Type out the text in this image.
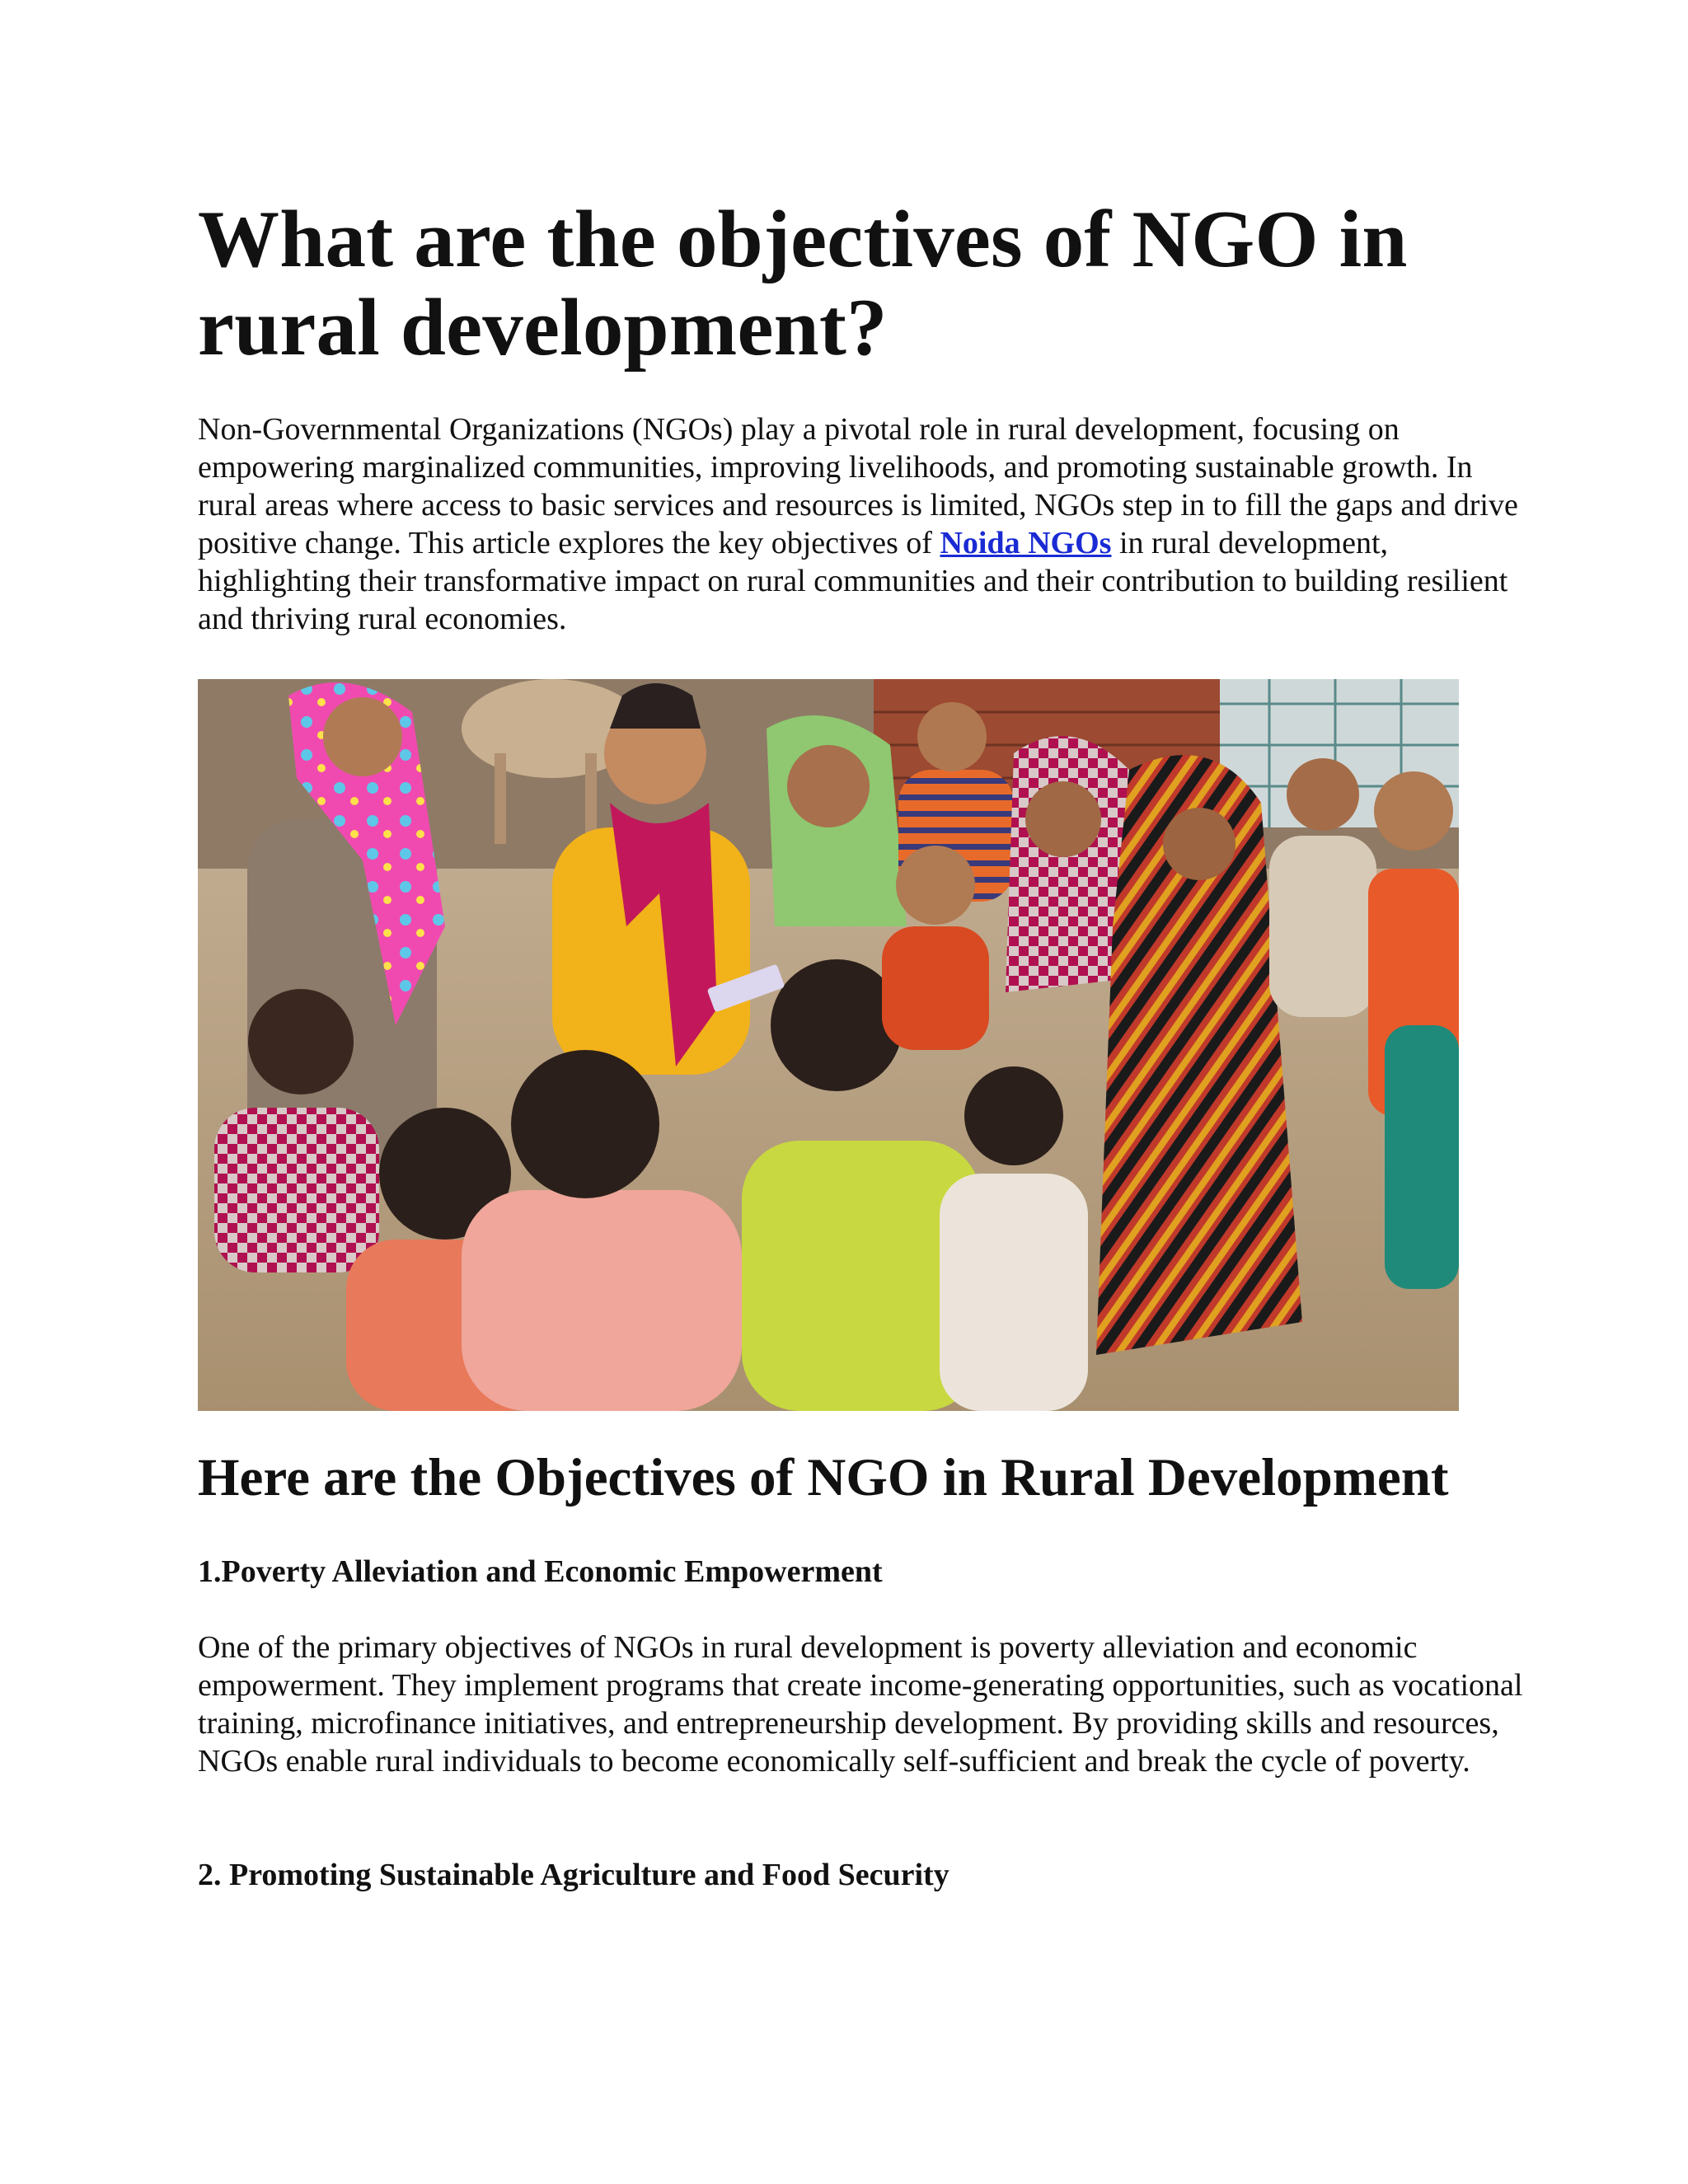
What are the objectives of NGO in rural development?

Non-Governmental Organizations (NGOs) play a pivotal role in rural development, focusing on empowering marginalized communities, improving livelihoods, and promoting sustainable growth. In rural areas where access to basic services and resources is limited, NGOs step in to fill the gaps and drive positive change. This article explores the key objectives of Noida NGOs in rural development, highlighting their transformative impact on rural communities and their contribution to building resilient and thriving rural economies.

Here are the Objectives of NGO in Rural Development
1.Poverty Alleviation and Economic Empowerment

One of the primary objectives of NGOs in rural development is poverty alleviation and economic empowerment. They implement programs that create income-generating opportunities, such as vocational training, microfinance initiatives, and entrepreneurship development. By providing skills and resources, NGOs enable rural individuals to become economically self-sufficient and break the cycle of poverty.

2. Promoting Sustainable Agriculture and Food Security
